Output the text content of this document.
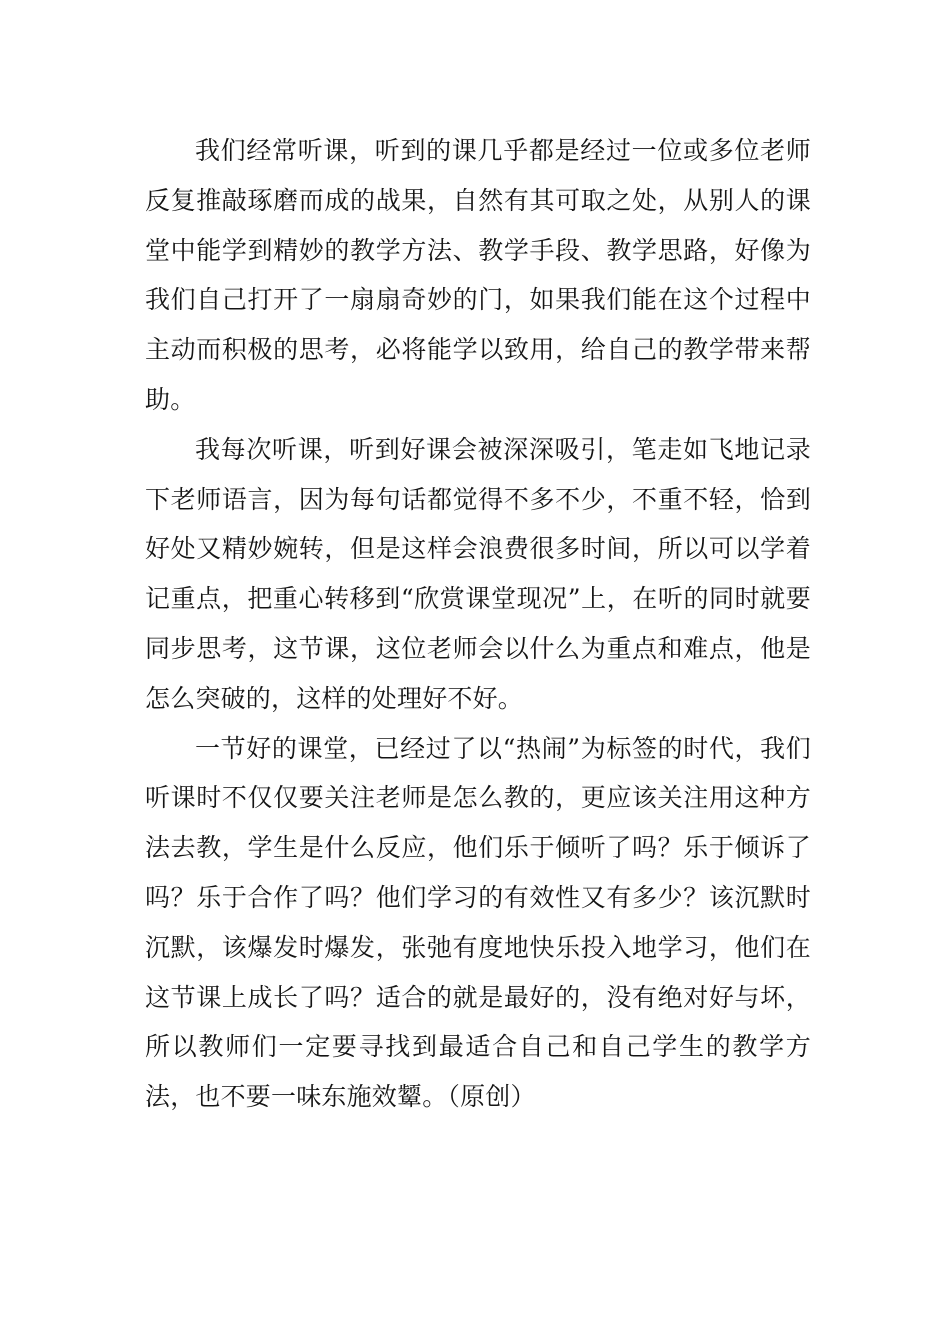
我们经常听课，听到的课几乎都是经过一位或多位老师反复推敲琢磨而成的战果，自然有其可取之处，从别人的课堂中能学到精妙的教学方法、教学手段、教学思路，好像为我们自己打开了一扇扇奇妙的门，如果我们能在这个过程中主动而积极的思考，必将能学以致用，给自己的教学带来帮助。

我每次听课，听到好课会被深深吸引，笔走如飞地记录下老师语言，因为每句话都觉得不多不少，不重不轻，恰到好处又精妙婉转，但是这样会浪费很多时间，所以可以学着记重点，把重心转移到“欣赏课堂现况”上，在听的同时就要同步思考，这节课，这位老师会以什么为重点和难点，他是怎么突破的，这样的处理好不好。

一节好的课堂，已经过了以“热闹”为标签的时代，我们听课时不仅仅要关注老师是怎么教的，更应该关注用这种方法去教，学生是什么反应，他们乐于倾听了吗？乐于倾诉了吗？乐于合作了吗？他们学习的有效性又有多少？该沉默时沉默，该爆发时爆发，张弛有度地快乐投入地学习，他们在这节课上成长了吗？适合的就是最好的，没有绝对好与坏，所以教师们一定要寻找到最适合自己和自己学生的教学方法，也不要一味东施效颦。（原创）
